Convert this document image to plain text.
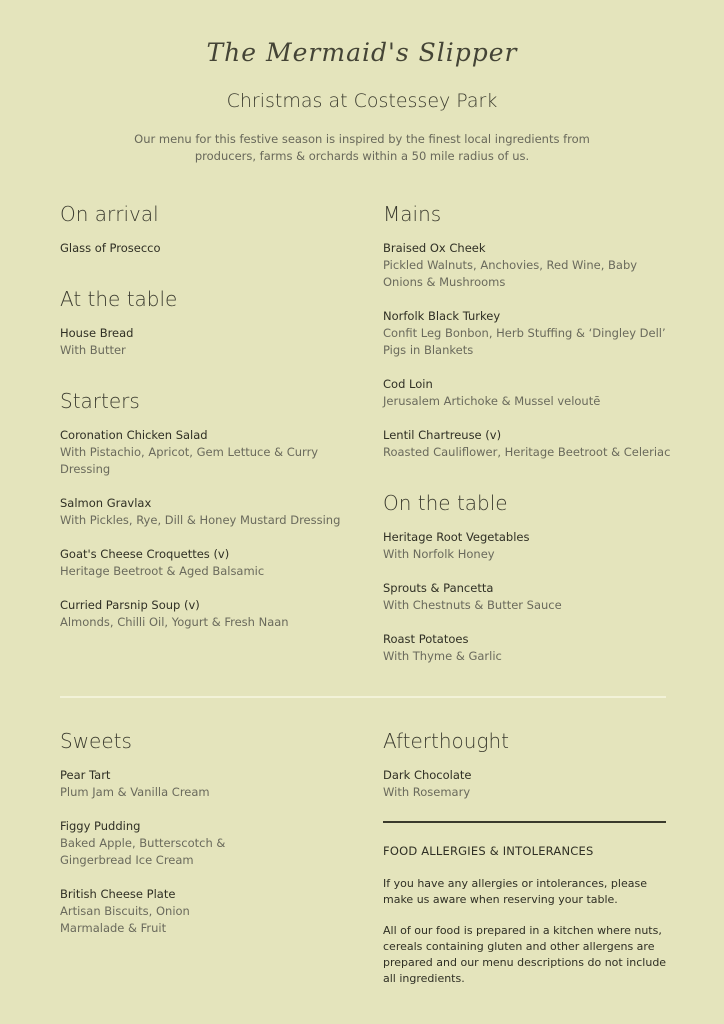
The Mermaid's Slipper
Christmas at Costessey Park
Our menu for this festive season is inspired by the finest local ingredients from producers, farms & orchards within a 50 mile radius of us.
On arrival
Glass of Prosecco
At the table
House Bread
With Butter
Starters
Coronation Chicken Salad
With Pistachio, Apricot, Gem Lettuce & Curry Dressing
Salmon Gravlax
With Pickles, Rye, Dill & Honey Mustard Dressing
Goat's Cheese Croquettes (v)
Heritage Beetroot & Aged Balsamic
Curried Parsnip Soup (v)
Almonds, Chilli Oil, Yogurt & Fresh Naan
Mains
Braised Ox Cheek
Pickled Walnuts, Anchovies, Red Wine, Baby Onions & Mushrooms
Norfolk Black Turkey
Confit Leg Bonbon, Herb Stuffing & ‘Dingley Dell’ Pigs in Blankets
Cod Loin
Jerusalem Artichoke & Mussel veloutē
Lentil Chartreuse (v)
Roasted Cauliflower, Heritage Beetroot & Celeriac
On the table
Heritage Root Vegetables
With Norfolk Honey
Sprouts & Pancetta
With Chestnuts & Butter Sauce
Roast Potatoes
With Thyme & Garlic
Sweets
Pear Tart
Plum Jam & Vanilla Cream
Figgy Pudding
Baked Apple, Butterscotch & Gingerbread Ice Cream
British Cheese Plate
Artisan Biscuits, Onion Marmalade & Fruit
Afterthought
Dark Chocolate
With Rosemary
FOOD ALLERGIES & INTOLERANCES
If you have any allergies or intolerances, please make us aware when reserving your table.
All of our food is prepared in a kitchen where nuts, cereals containing gluten and other allergens are prepared and our menu descriptions do not include all ingredients.
